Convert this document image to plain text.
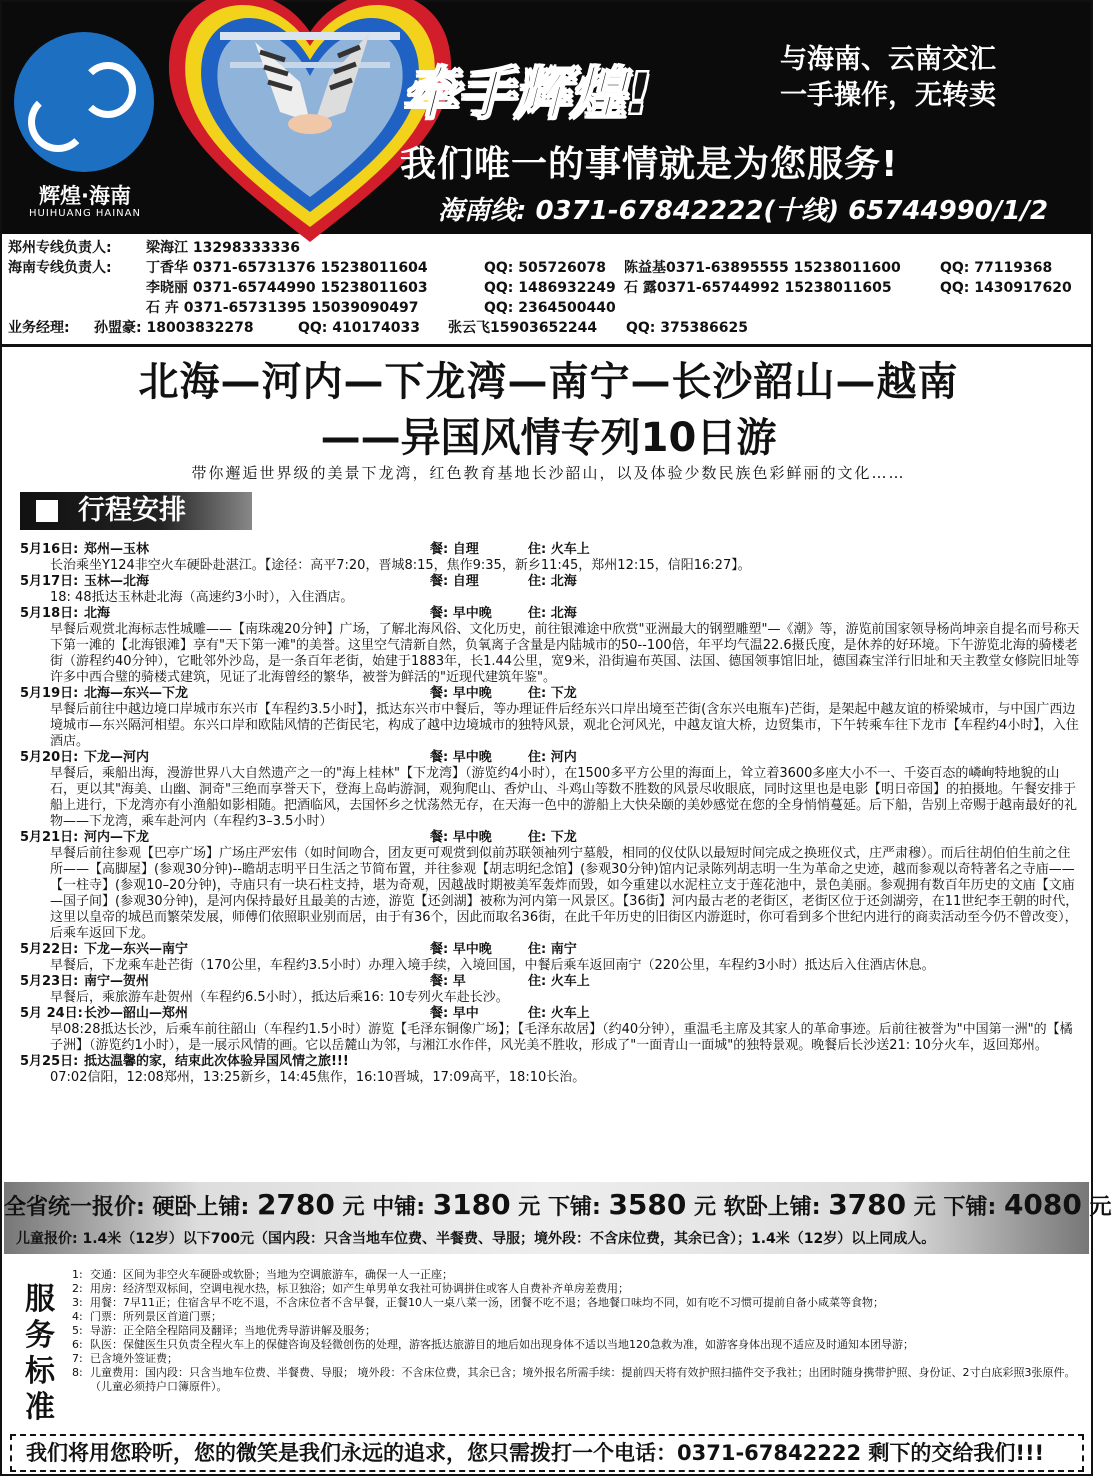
辉煌·海南
HUIHUANG HAINAN
牵手辉煌!
与海南、云南交汇
一手操作，无转卖
我们唯一的事情就是为您服务!
海南线: 0371-67842222(十线) 65744990/1/2
郑州专线负责人: 梁海江 13298333336
海南专线负责人: 丁香华 0371-65731376 15238011604	QQ: 505726078 陈益基0371-63895555 15238011600	QQ: 77119368
李晓丽 0371-65744990 15238011603	QQ: 1486932249 石 露0371-65744992 15238011605	QQ: 1430917620
石 卉 0371-65731395 15039090497	QQ: 2364500440
业务经理: 孙盟豪: 18003832278	QQ: 410174033 张云飞15903652244 QQ: 375386625
北海—河内—下龙湾—南宁—长沙韶山—越南
——异国风情专列10日游
带你邂逅世界级的美景下龙湾，红色教育基地长沙韶山，以及体验少数民族色彩鲜丽的文化……
行程安排
5月16日: 郑州—玉林	餐: 自理	住: 火车上
长治乘坐Y124非空火车硬卧赴湛江。【途径：高平7:20，晋城8:15，焦作9:35，新乡11:45，郑州12:15，信阳16:27】。
5月17日: 玉林—北海	餐: 自理	住: 北海
18: 48抵达玉林赴北海（高速约3小时），入住酒店。
5月18日: 北海	餐: 早中晚	住: 北海
早餐后观赏北海标志性城雕——【南珠魂20分钟】广场，了解北海风俗、文化历史，前往银滩途中欣赏"亚洲最大的钢塑雕塑"—《潮》等，游览前国家领导杨尚坤亲自提名而号称天下第一滩的【北海银滩】享有"天下第一滩"的美誉。这里空气清新自然，负氧离子含量是内陆城市的50--100倍，年平均气温22.6摄氏度，是休养的好环境。下午游览北海的骑楼老街（游程约40分钟），它毗邻外沙岛，是一条百年老街，始建于1883年，长1.44公里，宽9米，沿街遍布英国、法国、德国领事馆旧址，德国森宝洋行旧址和天主教堂女修院旧址等许多中西合璧的骑楼式建筑，见证了北海曾经的繁华，被誉为鲜活的"近现代建筑年鉴"。
5月19日: 北海—东兴—下龙	餐: 早中晚	住: 下龙
早餐后前往中越边境口岸城市东兴市【车程约3.5小时】，抵达东兴市中餐后，等办理证件后经东兴口岸出境至芒街(含东兴电瓶车)芒街，是架起中越友谊的桥梁城市，与中国广西边境城市—东兴隔河相望。东兴口岸和欧陆风情的芒街民宅，构成了越中边境城市的独特风景，观北仑河风光，中越友谊大桥，边贸集市，下午转乘车往下龙市【车程约4小时】，入住酒店。
5月20日: 下龙—河内	餐: 早中晚	住: 河内
早餐后，乘船出海，漫游世界八大自然遗产之一的"海上桂林"【下龙湾】（游览约4小时），在1500多平方公里的海面上，耸立着3600多座大小不一、千姿百态的嶙峋特地貌的山石，更以其"海美、山幽、洞奇"三绝而享誉天下，登海上岛屿游洞，观狗爬山、香炉山、斗鸡山等数不胜数的风景尽收眼底，同时这里也是电影【明日帝国】的拍摄地。午餐安排于船上进行，下龙湾亦有小渔船如影相随。把酒临风，去国怀乡之忧荡然无存，在天海一色中的游船上大快朵颐的美妙感觉在您的全身悄悄蔓延。后下船，告别上帝赐于越南最好的礼物——下龙湾，乘车赴河内（车程约3–3.5小时）
5月21日: 河内—下龙	餐: 早中晚	住: 下龙
早餐后前往参观【巴亭广场】广场庄严宏伟（如时间吻合，团友更可观赏到似前苏联领袖列宁墓般，相同的仪仗队以最短时间完成之换班仪式，庄严肃穆）。而后往胡伯伯生前之住所——【高脚屋】(参观30分钟)--瞻胡志明平日生活之节简布置，并往参观【胡志明纪念馆】(参观30分钟)馆内记录陈列胡志明一生为革命之史迹，越而参观以奇特著名之寺庙——【一柱寺】(参观10–20分钟)，寺庙只有一块石柱支持，堪为奇观，因越战时期被美军轰炸而毁，如今重建以水泥柱立支于莲花池中，景色美丽。参观拥有数百年历史的文庙【文庙—国子间】(参观30分钟)，是河内保持最好且最美的古迹，游览【还剑湖】被称为河内第一风景区。【36街】河内最古老的老街区，老街区位于还剑湖旁，在11世纪李王朝的时代，这里以皇帝的城邑而繁荣发展，师傅们依照职业别而居，由于有36个，因此而取名36街，在此千年历史的旧街区内游逛时，你可看到多个世纪内进行的商卖活动至今仍不曾改变），后乘车返回下龙。
5月22日: 下龙—东兴—南宁	餐: 早中晚	住: 南宁
早餐后，下龙乘车赴芒街（170公里，车程约3.5小时）办理入境手续，入境回国，中餐后乘车返回南宁（220公里，车程约3小时）抵达后入住酒店休息。
5月23日: 南宁—贺州	餐: 早	住: 火车上
早餐后，乘旅游车赴贺州（车程约6.5小时），抵达后乘16: 10专列火车赴长沙。
5月 24日: 长沙—韶山—郑州	餐: 早中	住: 火车上
早08:28抵达长沙，后乘车前往韶山（车程约1.5小时）游览【毛泽东铜像广场】；【毛泽东故居】（约40分钟），重温毛主席及其家人的革命事迹。后前往被誉为"中国第一洲"的【橘子洲】（游览约1小时），是一展示风情的画。它以岳麓山为邻，与湘江水作伴，风光美不胜收，形成了"一面青山一面城"的独特景观。晚餐后长沙送21: 10分火车，返回郑州。
5月25日: 抵达温馨的家，结束此次体验异国风情之旅!!!
07:02信阳，12:08郑州，13:25新乡，14:45焦作，16:10晋城，17:09高平，18:10长治。
全省统一报价: 硬卧上铺: 2780 元 中铺: 3180 元 下铺: 3580 元 软卧上铺: 3780 元 下铺: 4080 元
儿童报价: 1.4米（12岁）以下700元（国内段：只含当地车位费、半餐费、导服；境外段：不含床位费，其余已含）；1.4米（12岁）以上同成人。
服
务
标
准
1: 交通：区间为非空火车硬卧或软卧；当地为空调旅游车，确保一人一正座；
2: 用房：经济型双标间，空调电视水热，标卫独浴；如产生单男单女我社可协调拼住或客人自费补齐单房差费用；
3: 用餐：7早11正；住宿含早不吃不退，不含床位者不含早餐，正餐10人一桌八菜一汤，团餐不吃不退；各地餐口味均不同，如有吃不习惯可提前自备小咸菜等食物；
4: 门票：所列景区首道门票；
5: 导游：正全陪全程陪同及翻译；当地优秀导游讲解及服务；
6: 队医：保健医生只负责全程火车上的保健咨询及轻微创伤的处理，游客抵达旅游目的地后如出现身体不适以当地120急救为准，如游客身体出现不适应及时通知本团导游；
7: 已含境外签证费；
8: 儿童费用：国内段：只含当地车位费、半餐费、导服； 境外段：不含床位费，其余已含；境外报名所需手续：提前四天将有效护照扫描件交予我社；出团时随身携带护照、身份证、2寸白底彩照3张原件。（儿童必须持户口簿原件）。
我们将用您聆听，您的微笑是我们永远的追求，您只需拨打一个电话：0371-67842222 剩下的交给我们!!!
